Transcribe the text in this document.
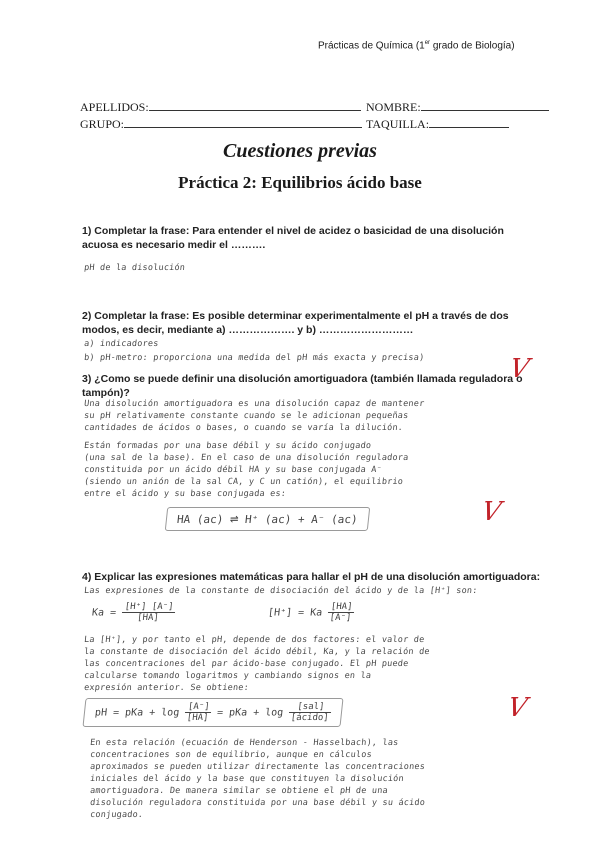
Prácticas de Química (1er grado de Biología)
APELLIDOS:	NOMBRE:
GRUPO:	TAQUILLA:
Cuestiones previas
Práctica 2: Equilibrios ácido base
1) Completar la frase: Para entender el nivel de acidez o basicidad de una disolución acuosa es necesario medir el ……….
pH de la disolución
2) Completar la frase: Es posible determinar experimentalmente el pH a través de dos modos, es decir, mediante a) ………………. y b) ………………………
a) indicadores
b) pH-metro: proporciona una medida del pH más exacta y precisa)	V
3) ¿Como se puede definir una disolución amortiguadora (también llamada reguladora o tampón)?
Una disolución amortiguadora es una disolución capaz de mantener
su pH relativamente constante cuando se le adicionan pequeñas
cantidades de ácidos o bases, o cuando se varía la dilución.
Están formadas por una base débil y su ácido conjugado
(una sal de la base). En el caso de una disolución reguladora
constituida por un ácido débil HA y su base conjugada A⁻
(siendo un anión de la sal CA, y C un catión), el equilibrio
entre el ácido y su base conjugada es:
HA (ac) ⇌ H⁺ (ac) + A⁻ (ac)	V
4) Explicar las expresiones matemáticas para hallar el pH de una disolución amortiguadora:
Las expresiones de la constante de disociación del ácido y de la [H⁺] son:
$Ka = \frac{[H^+] [A^-]}{[HA]}$	[H⁺] = Ka $\frac{[HA]}{[A^-]}$
La [H⁺], y por tanto el pH, depende de dos factores: el valor de
la constante de disociación del ácido débil, Ka, y la relación de
las concentraciones del par ácido-base conjugado. El pH puede
calcularse tomando logaritmos y cambiando signos en la
expresión anterior. Se obtiene:
pH = pKa + $\log \frac{[A^-]}{[HA]}$ = pKa + $\log \frac{\text{[sal]}}{\text{[ácido]}}$	V
En esta relación (ecuación de Henderson - Hasselbach), las
concentraciones son de equilibrio, aunque en cálculos
aproximados se pueden utilizar directamente las concentraciones
iniciales del ácido y la base que constituyen la disolución
amortiguadora. De manera similar se obtiene el pH de una
disolución reguladora constituida por una base débil y su ácido
conjugado.
